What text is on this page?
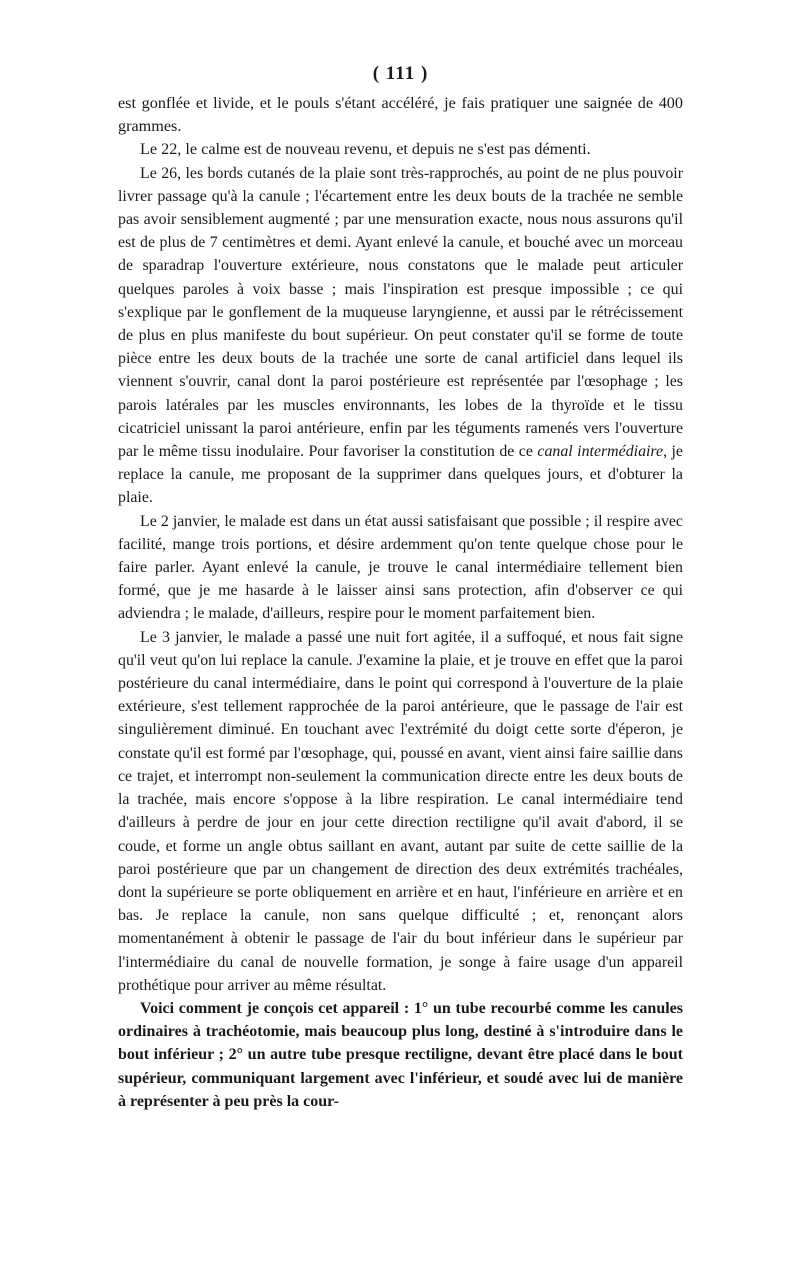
( 111 )

est gonflée et livide, et le pouls s'étant accéléré, je fais pratiquer une saignée de 400 grammes.

Le 22, le calme est de nouveau revenu, et depuis ne s'est pas démenti.

Le 26, les bords cutanés de la plaie sont très-rapprochés, au point de ne plus pouvoir livrer passage qu'à la canule ; l'écartement entre les deux bouts de la trachée ne semble pas avoir sensiblement augmenté ; par une mensuration exacte, nous nous assurons qu'il est de plus de 7 centimètres et demi. Ayant enlevé la canule, et bouché avec un morceau de sparadrap l'ouverture extérieure, nous constatons que le malade peut articuler quelques paroles à voix basse ; mais l'inspiration est presque impossible ; ce qui s'explique par le gonflement de la muqueuse laryngienne, et aussi par le rétrécissement de plus en plus manifeste du bout supérieur. On peut constater qu'il se forme de toute pièce entre les deux bouts de la trachée une sorte de canal artificiel dans lequel ils viennent s'ouvrir, canal dont la paroi postérieure est représentée par l'œsophage ; les parois latérales par les muscles environnants, les lobes de la thyroïde et le tissu cicatriciel unissant la paroi antérieure, enfin par les téguments ramenés vers l'ouverture par le même tissu inodulaire. Pour favoriser la constitution de ce canal intermédiaire, je replace la canule, me proposant de la supprimer dans quelques jours, et d'obturer la plaie.

Le 2 janvier, le malade est dans un état aussi satisfaisant que possible ; il respire avec facilité, mange trois portions, et désire ardemment qu'on tente quelque chose pour le faire parler. Ayant enlevé la canule, je trouve le canal intermédiaire tellement bien formé, que je me hasarde à le laisser ainsi sans protection, afin d'observer ce qui adviendra ; le malade, d'ailleurs, respire pour le moment parfaitement bien.

Le 3 janvier, le malade a passé une nuit fort agitée, il a suffoqué, et nous fait signe qu'il veut qu'on lui replace la canule. J'examine la plaie, et je trouve en effet que la paroi postérieure du canal intermédiaire, dans le point qui correspond à l'ouverture de la plaie extérieure, s'est tellement rapprochée de la paroi antérieure, que le passage de l'air est singulièrement diminué. En touchant avec l'extrémité du doigt cette sorte d'éperon, je constate qu'il est formé par l'œsophage, qui, poussé en avant, vient ainsi faire saillie dans ce trajet, et interrompt non-seulement la communication directe entre les deux bouts de la trachée, mais encore s'oppose à la libre respiration. Le canal intermédiaire tend d'ailleurs à perdre de jour en jour cette direction rectiligne qu'il avait d'abord, il se coude, et forme un angle obtus saillant en avant, autant par suite de cette saillie de la paroi postérieure que par un changement de direction des deux extrémités trachéales, dont la supérieure se porte obliquement en arrière et en haut, l'inférieure en arrière et en bas. Je replace la canule, non sans quelque difficulté ; et, renonçant alors momentanément à obtenir le passage de l'air du bout inférieur dans le supérieur par l'intermédiaire du canal de nouvelle formation, je songe à faire usage d'un appareil prothétique pour arriver au même résultat.

Voici comment je conçois cet appareil : 1° un tube recourbé comme les canules ordinaires à trachéotomie, mais beaucoup plus long, destiné à s'introduire dans le bout inférieur ; 2° un autre tube presque rectiligne, devant être placé dans le bout supérieur, communiquant largement avec l'inférieur, et soudé avec lui de manière à représenter à peu près la cour-
